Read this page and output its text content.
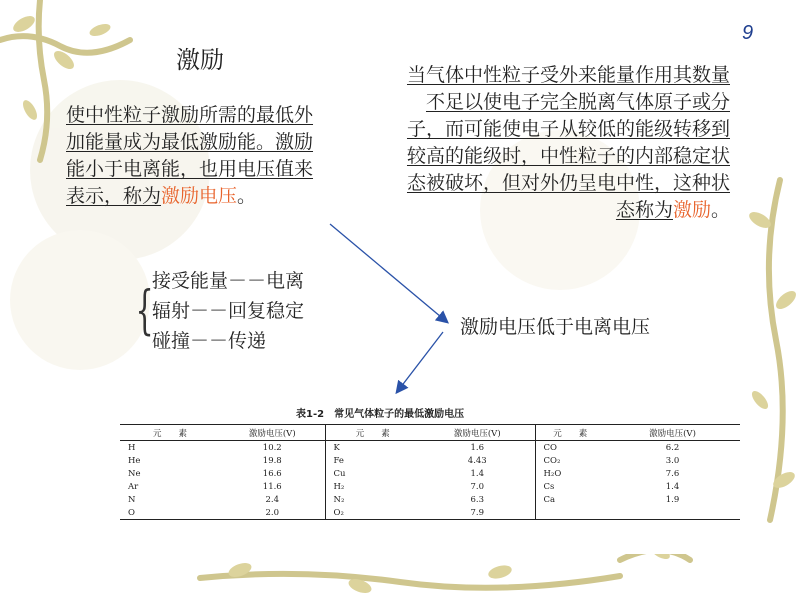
9
激励
使中性粒子激励所需的最低外加能量成为最低激励能。激励能小于电离能，也用电压值来表示，称为激励电压。
当气体中性粒子受外来能量作用其数量不足以使电子完全脱离气体原子或分子，而可能使电子从较低的能级转移到较高的能级时，中性粒子的内部稳定状态被破坏，但对外仍呈电中性，这种状态称为激励。
{
接受能量－－电离
辐射－－回复稳定
碰撞－－传递
激励电压低于电离电压
表1-2　常见气体粒子的最低激励电压
元　　素	激励电压(V)	元　　素	激励电压(V)	元　　素	激励电压(V)
H	10.2	K	1.6	CO	6.2
He	19.8	Fe	4.43	CO₂	3.0
Ne	16.6	Cu	1.4	H₂O	7.6
Ar	11.6	H₂	7.0	Cs	1.4
N	2.4	N₂	6.3	Ca	1.9
O	2.0	O₂	7.9		
